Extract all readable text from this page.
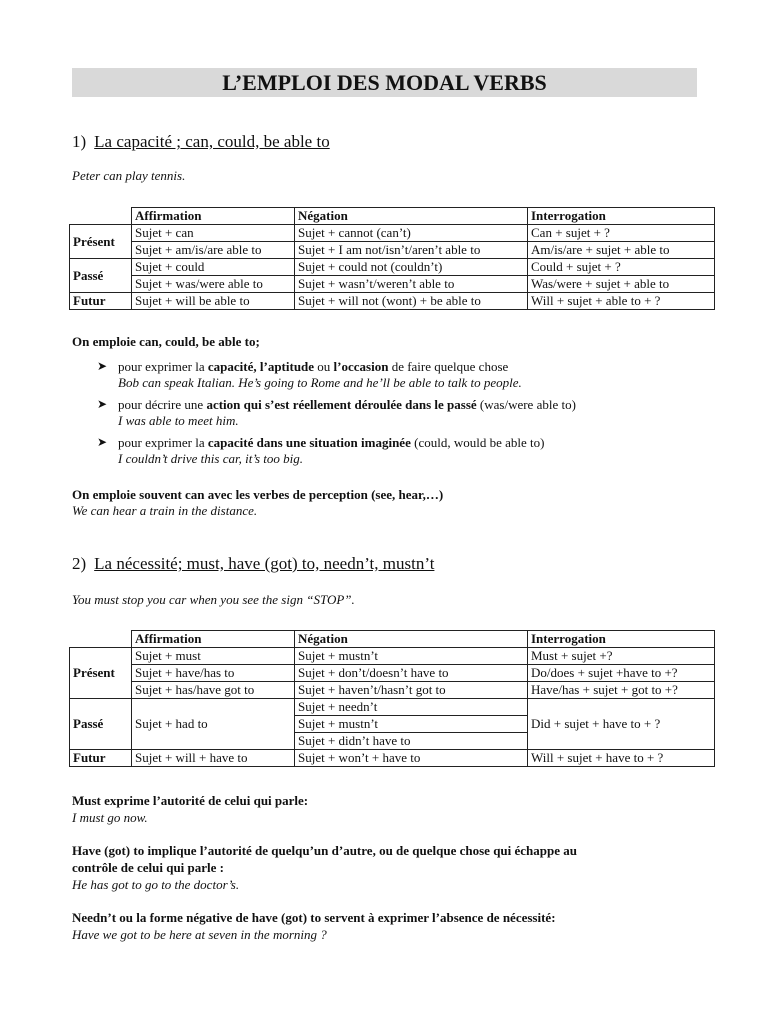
L’EMPLOI DES MODAL VERBS
1) La capacité ; can, could, be able to
Peter can play tennis.
	Affirmation	Négation	Interrogation
Présent	Sujet + can	Sujet + cannot (can’t)	Can + sujet + ?
	Sujet + am/is/are able to	Sujet + I am not/isn’t/aren’t able to	Am/is/are + sujet + able to
Passé	Sujet + could	Sujet + could not (couldn’t)	Could + sujet + ?
	Sujet + was/were able to	Sujet + wasn’t/weren’t able to	Was/were + sujet + able to
Futur	Sujet + will be able to	Sujet + will not (wont) + be able to	Will + sujet + able to + ?
On emploie can, could, be able to;
➤ pour exprimer la capacité, l’aptitude ou l’occasion de faire quelque chose
Bob can speak Italian. He’s going to Rome and he’ll be able to talk to people.
➤ pour décrire une action qui s’est réellement déroulée dans le passé (was/were able to)
I was able to meet him.
➤ pour exprimer la capacité dans une situation imaginée (could, would be able to)
I couldn’t drive this car, it’s too big.
On emploie souvent can avec les verbes de perception (see, hear,…)
We can hear a train in the distance.
2) La nécessité; must, have (got) to, needn’t, mustn’t
You must stop you car when you see the sign “STOP”.
	Affirmation	Négation	Interrogation
Présent	Sujet + must	Sujet + mustn’t	Must + sujet +?
	Sujet + have/has to	Sujet + don’t/doesn’t have to	Do/does + sujet +have to +?
	Sujet + has/have got to	Sujet + haven’t/hasn’t got to	Have/has + sujet + got to +?
Passé	Sujet + had to	Sujet + needn’t	Did + sujet + have to + ?
		Sujet + mustn’t	
		Sujet + didn’t have to	
Futur	Sujet + will + have to	Sujet + won’t + have to	Will + sujet + have to + ?
Must exprime l’autorité de celui qui parle:
I must go now.
Have (got) to implique l’autorité de quelqu’un d’autre, ou de quelque chose qui échappe au
contrôle de celui qui parle :
He has got to go to the doctor’s.
Needn’t ou la forme négative de have (got) to servent à exprimer l’absence de nécessité:
Have we got to be here at seven in the morning ?
